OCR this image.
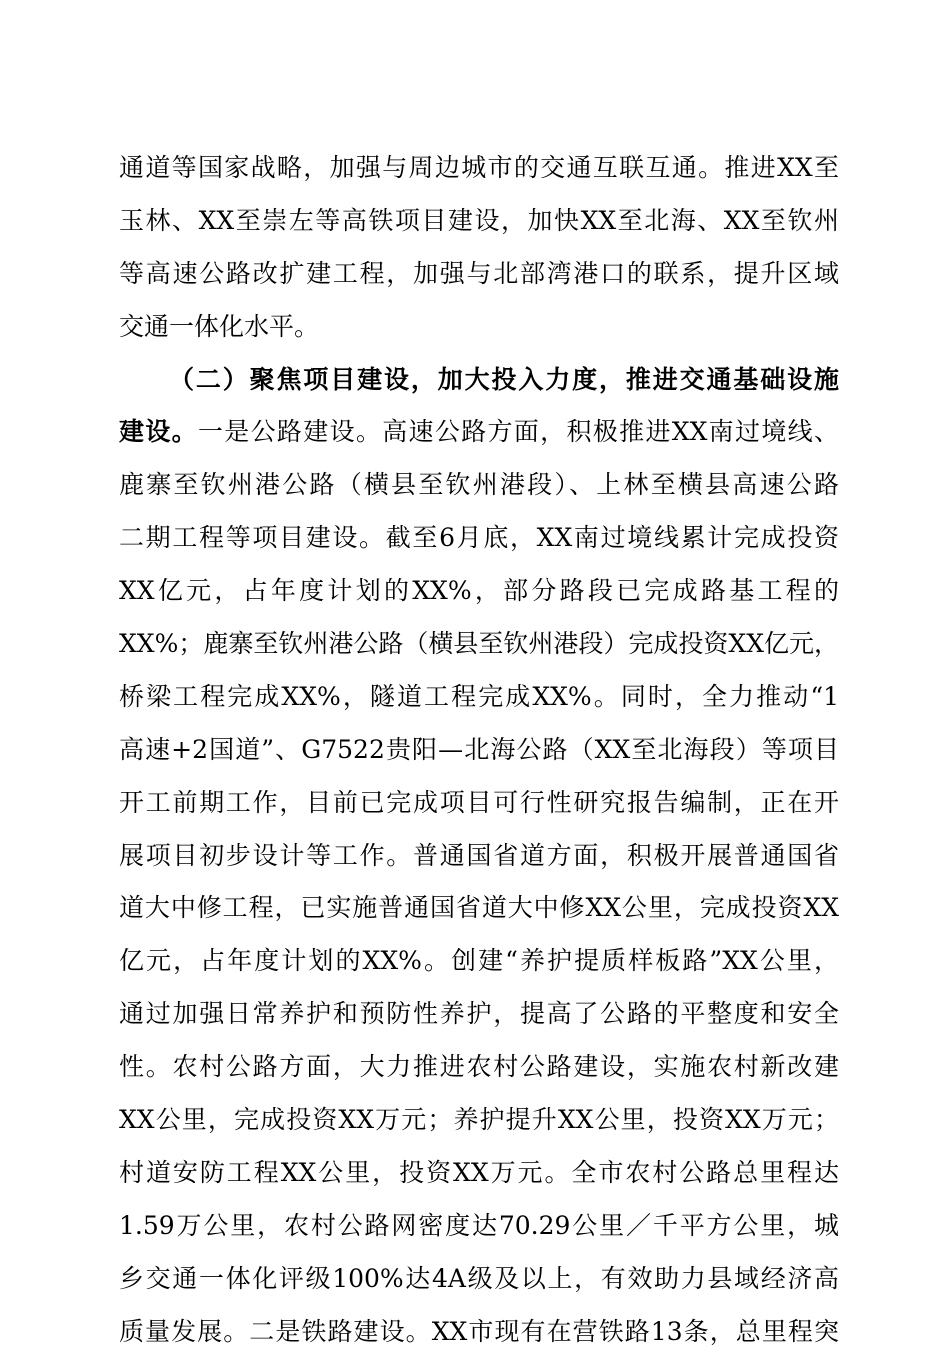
通道等国家战略，加强与周边城市的交通互联互通。推进XX至
玉林、XX至崇左等高铁项目建设，加快XX至北海、XX至钦州
等高速公路改扩建工程，加强与北部湾港口的联系，提升区域
交通一体化水平。
（二）聚焦项目建设，加大投入力度，推进交通基础设施
建设。一是公路建设。高速公路方面，积极推进XX南过境线、
鹿寨至钦州港公路（横县至钦州港段）、上林至横县高速公路
二期工程等项目建设。截至6月底，XX南过境线累计完成投资
XX亿元，占年度计划的XX%，部分路段已完成路基工程的
XX%；鹿寨至钦州港公路（横县至钦州港段）完成投资XX亿元，
桥梁工程完成XX%，隧道工程完成XX%。同时，全力推动“1
高速+2国道”、G7522贵阳—北海公路（XX至北海段）等项目
开工前期工作，目前已完成项目可行性研究报告编制，正在开
展项目初步设计等工作。普通国省道方面，积极开展普通国省
道大中修工程，已实施普通国省道大中修XX公里，完成投资XX
亿元，占年度计划的XX%。创建“养护提质样板路”XX公里，
通过加强日常养护和预防性养护，提高了公路的平整度和安全
性。农村公路方面，大力推进农村公路建设，实施农村新改建
XX公里，完成投资XX万元；养护提升XX公里，投资XX万元；
村道安防工程XX公里，投资XX万元。全市农村公路总里程达
1.59万公里，农村公路网密度达70.29公里／千平方公里，城
乡交通一体化评级100%达4A级及以上，有效助力县域经济高
质量发展。二是铁路建设。XX市现有在营铁路13条，总里程突
